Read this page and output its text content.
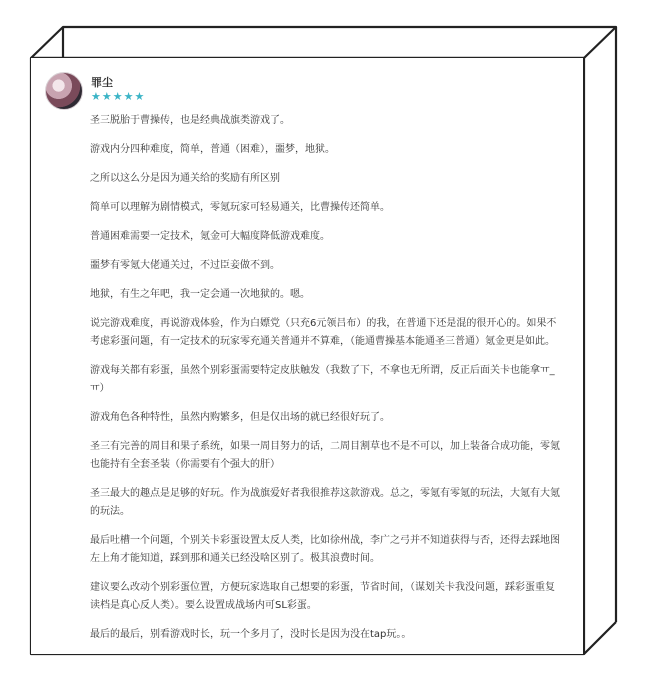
罪尘
★★★★★

圣三脱胎于曹操传，也是经典战旗类游戏了。

游戏内分四种难度，简单，普通（困难），噩梦，地狱。

之所以这么分是因为通关给的奖励有所区别

简单可以理解为剧情模式，零氪玩家可轻易通关，比曹操传还简单。

普通困难需要一定技术，氪金可大幅度降低游戏难度。

噩梦有零氪大佬通关过，不过臣妾做不到。

地狱，有生之年吧，我一定会通一次地狱的。嗯。

说完游戏难度，再说游戏体验，作为白嫖党（只充6元领吕布）的我，在普通下还是混的很开心的。如果不考虑彩蛋问题，有一定技术的玩家零充通关普通并不算难，（能通曹操基本能通圣三普通）氪金更是如此。

游戏每关都有彩蛋，虽然个别彩蛋需要特定皮肤触发（我数了下，不拿也无所谓，反正后面关卡也能拿ㅠ_ㅠ）

游戏角色各种特性，虽然内购繁多，但是仅出场的就已经很好玩了。

圣三有完善的周目和果子系统，如果一周目努力的话，二周目割草也不是不可以，加上装备合成功能，零氪也能持有全套圣装（你需要有个强大的肝）

圣三最大的趣点是足够的好玩。作为战旗爱好者我很推荐这款游戏。总之，零氪有零氪的玩法，大氪有大氪的玩法。

最后吐槽一个问题，个别关卡彩蛋设置太反人类，比如徐州战，李广之弓并不知道获得与否，还得去踩地图左上角才能知道，踩到那和通关已经没啥区别了。极其浪费时间。

建议要么改动个别彩蛋位置，方便玩家选取自己想要的彩蛋，节省时间，（谋划关卡我没问题，踩彩蛋重复读档是真心反人类）。要么设置成战场内可SL彩蛋。

最后的最后，别看游戏时长，玩一个多月了，没时长是因为没在tap玩。。
